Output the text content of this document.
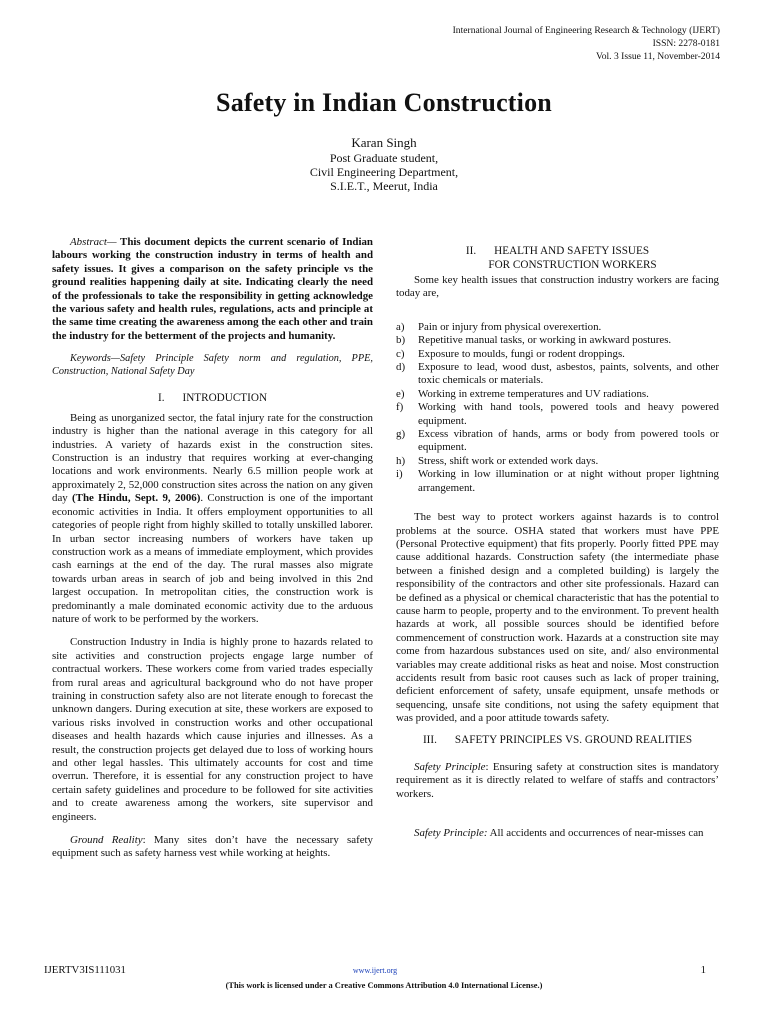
International Journal of Engineering Research & Technology (IJERT)
ISSN: 2278-0181
Vol. 3 Issue 11, November-2014
Safety in Indian Construction
Karan Singh
Post Graduate student,
Civil Engineering Department,
S.I.E.T., Meerut, India

Abstract— This document depicts the current scenario of Indian labours working the construction industry in terms of health and safety issues. It gives a comparison on the safety principle vs the ground realities happening daily at site. Indicating clearly the need of the professionals to take the responsibility in getting acknowledge the various safety and health rules, regulations, acts and principle at the same time creating the awareness among the each other and train the industry for the betterment of the projects and humanity.

Keywords—Safety Principle Safety norm and regulation, PPE, Construction, National Safety Day

I. INTRODUCTION

Being as unorganized sector, the fatal injury rate for the construction industry is higher than the national average in this category for all industries. A variety of hazards exist in the construction sites. Construction is an industry that requires working at ever-changing locations and work environments. Nearly 6.5 million people work at approximately 2, 52,000 construction sites across the nation on any given day (The Hindu, Sept. 9, 2006). Construction is one of the important economic activities in India. It offers employment opportunities to all categories of people right from highly skilled to totally unskilled laborer. In urban sector increasing numbers of workers have taken up construction work as a means of immediate employment, which provides cash earnings at the end of the day. The rural masses also migrate towards urban areas in search of job and being involved in this 2nd largest occupation. In metropolitan cities, the construction work is predominantly a male dominated economic activity due to the arduous nature of work to be performed by the workers.

Construction Industry in India is highly prone to hazards related to site activities and construction projects engage large number of contractual workers. These workers come from varied trades especially from rural areas and agricultural background who do not have proper training in construction safety also are not literate enough to forecast the unknown dangers. During execution at site, these workers are exposed to various risks involved in construction works and other occupational diseases and health hazards which cause injuries and illnesses. As a result, the construction projects get delayed due to loss of working hours and other legal hassles. This ultimately accounts for cost and time overrun. Therefore, it is essential for any construction project to have certain safety guidelines and procedure to be followed for site activities and to create awareness among the workers, site supervisor and engineers.

Ground Reality: Many sites don’t have the necessary safety equipment such as safety harness vest while working at heights.

II. HEALTH AND SAFETY ISSUES
FOR CONSTRUCTION WORKERS

Some key health issues that construction industry workers are facing today are,

a) Pain or injury from physical overexertion.
b) Repetitive manual tasks, or working in awkward postures.
c) Exposure to moulds, fungi or rodent droppings.
d) Exposure to lead, wood dust, asbestos, paints, solvents, and other toxic chemicals or materials.
e) Working in extreme temperatures and UV radiations.
f) Working with hand tools, powered tools and heavy powered equipment.
g) Excess vibration of hands, arms or body from powered tools or equipment.
h) Stress, shift work or extended work days.
i) Working in low illumination or at night without proper lightning arrangement.

The best way to protect workers against hazards is to control problems at the source. OSHA stated that workers must have PPE (Personal Protective equipment) that fits properly. Poorly fitted PPE may cause additional hazards. Construction safety (the intermediate phase between a finished design and a completed building) is largely the responsibility of the contractors and other site professionals. Hazard can be defined as a physical or chemical characteristic that has the potential to cause harm to people, property and to the environment. To prevent health hazards at work, all possible sources should be identified before commencement of construction work. Hazards at a construction site may come from hazardous substances used on site, and/ also environmental variables may create additional risks as heat and noise. Most construction accidents result from basic root causes such as lack of proper training, deficient enforcement of safety, unsafe equipment, unsafe methods or sequencing, unsafe site conditions, not using the safety equipment that was provided, and a poor attitude towards safety.

III. SAFETY PRINCIPLES VS. GROUND REALITIES

Safety Principle: Ensuring safety at construction sites is mandatory requirement as it is directly related to welfare of staffs and contractors’ workers.

Safety Principle: All accidents and occurrences of near-misses can

IJERTV3IS111031	www.ijert.org	1
(This work is licensed under a Creative Commons Attribution 4.0 International License.)
